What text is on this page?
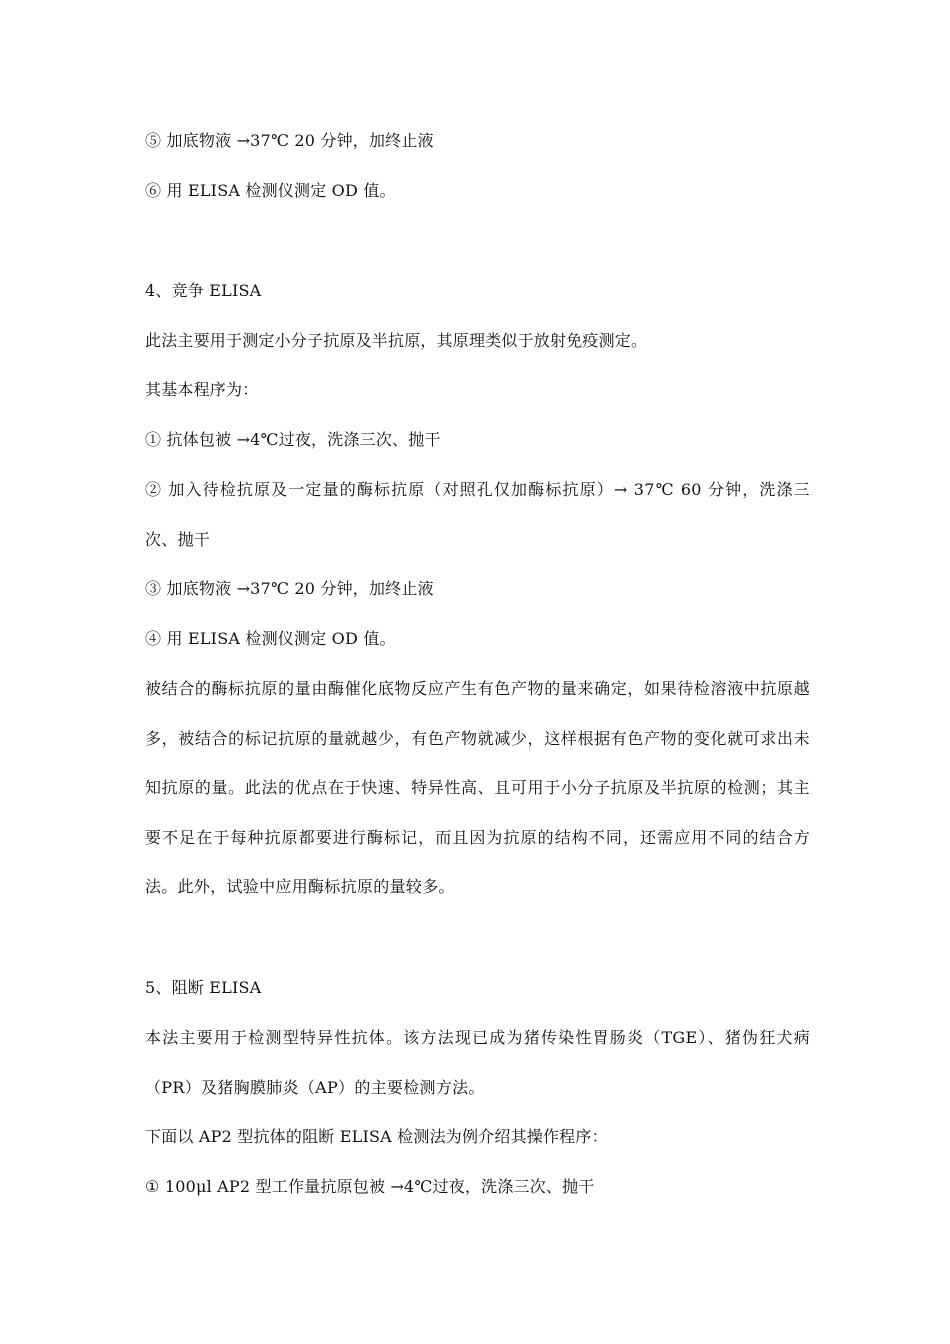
⑤ 加底物液 →37℃ 20 分钟，加终止液
⑥ 用 ELISA 检测仪测定 OD 值。
4、竞争 ELISA
此法主要用于测定小分子抗原及半抗原，其原理类似于放射免疫测定。
其基本程序为：
① 抗体包被 →4℃过夜，洗涤三次、抛干
② 加入待检抗原及一定量的酶标抗原（对照孔仅加酶标抗原）→ 37℃ 60 分钟，洗涤三次、抛干
③ 加底物液 →37℃ 20 分钟，加终止液
④ 用 ELISA 检测仪测定 OD 值。
被结合的酶标抗原的量由酶催化底物反应产生有色产物的量来确定，如果待检溶液中抗原越多，被结合的标记抗原的量就越少，有色产物就减少，这样根据有色产物的变化就可求出未知抗原的量。此法的优点在于快速、特异性高、且可用于小分子抗原及半抗原的检测；其主要不足在于每种抗原都要进行酶标记，而且因为抗原的结构不同，还需应用不同的结合方法。此外，试验中应用酶标抗原的量较多。
5、阻断 ELISA
本法主要用于检测型特异性抗体。该方法现已成为猪传染性胃肠炎（TGE）、猪伪狂犬病（PR）及猪胸膜肺炎（AP）的主要检测方法。
下面以 AP2 型抗体的阻断 ELISA 检测法为例介绍其操作程序：
① 100μl AP2 型工作量抗原包被 →4℃过夜，洗涤三次、抛干
